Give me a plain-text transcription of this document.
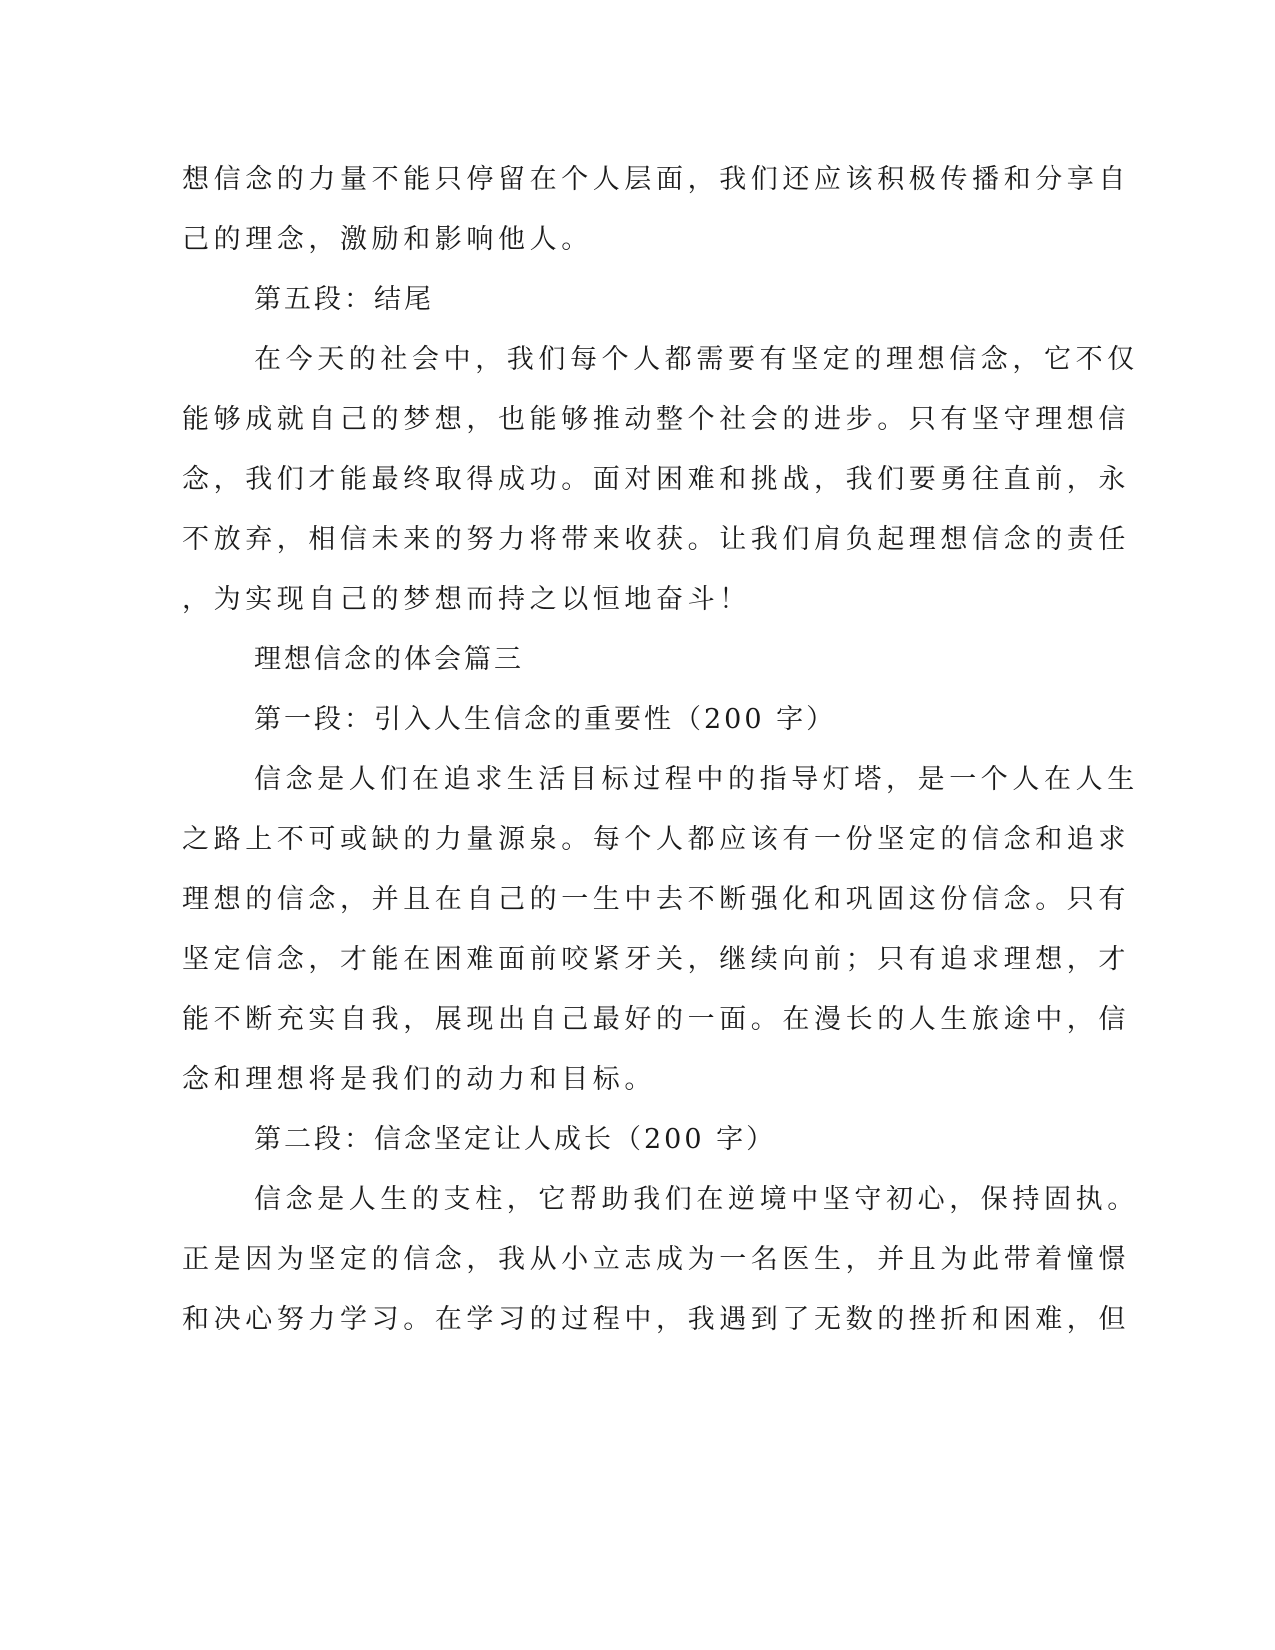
想信念的力量不能只停留在个人层面，我们还应该积极传播和分享自
己的理念，激励和影响他人。
第五段：结尾
在今天的社会中，我们每个人都需要有坚定的理想信念，它不仅
能够成就自己的梦想，也能够推动整个社会的进步。只有坚守理想信
念，我们才能最终取得成功。面对困难和挑战，我们要勇往直前，永
不放弃，相信未来的努力将带来收获。让我们肩负起理想信念的责任
，为实现自己的梦想而持之以恒地奋斗！
理想信念的体会篇三
第一段：引入人生信念的重要性（200 字）
信念是人们在追求生活目标过程中的指导灯塔，是一个人在人生
之路上不可或缺的力量源泉。每个人都应该有一份坚定的信念和追求
理想的信念，并且在自己的一生中去不断强化和巩固这份信念。只有
坚定信念，才能在困难面前咬紧牙关，继续向前；只有追求理想，才
能不断充实自我，展现出自己最好的一面。在漫长的人生旅途中，信
念和理想将是我们的动力和目标。
第二段：信念坚定让人成长（200 字）
信念是人生的支柱，它帮助我们在逆境中坚守初心，保持固执。
正是因为坚定的信念，我从小立志成为一名医生，并且为此带着憧憬
和决心努力学习。在学习的过程中，我遇到了无数的挫折和困难，但
